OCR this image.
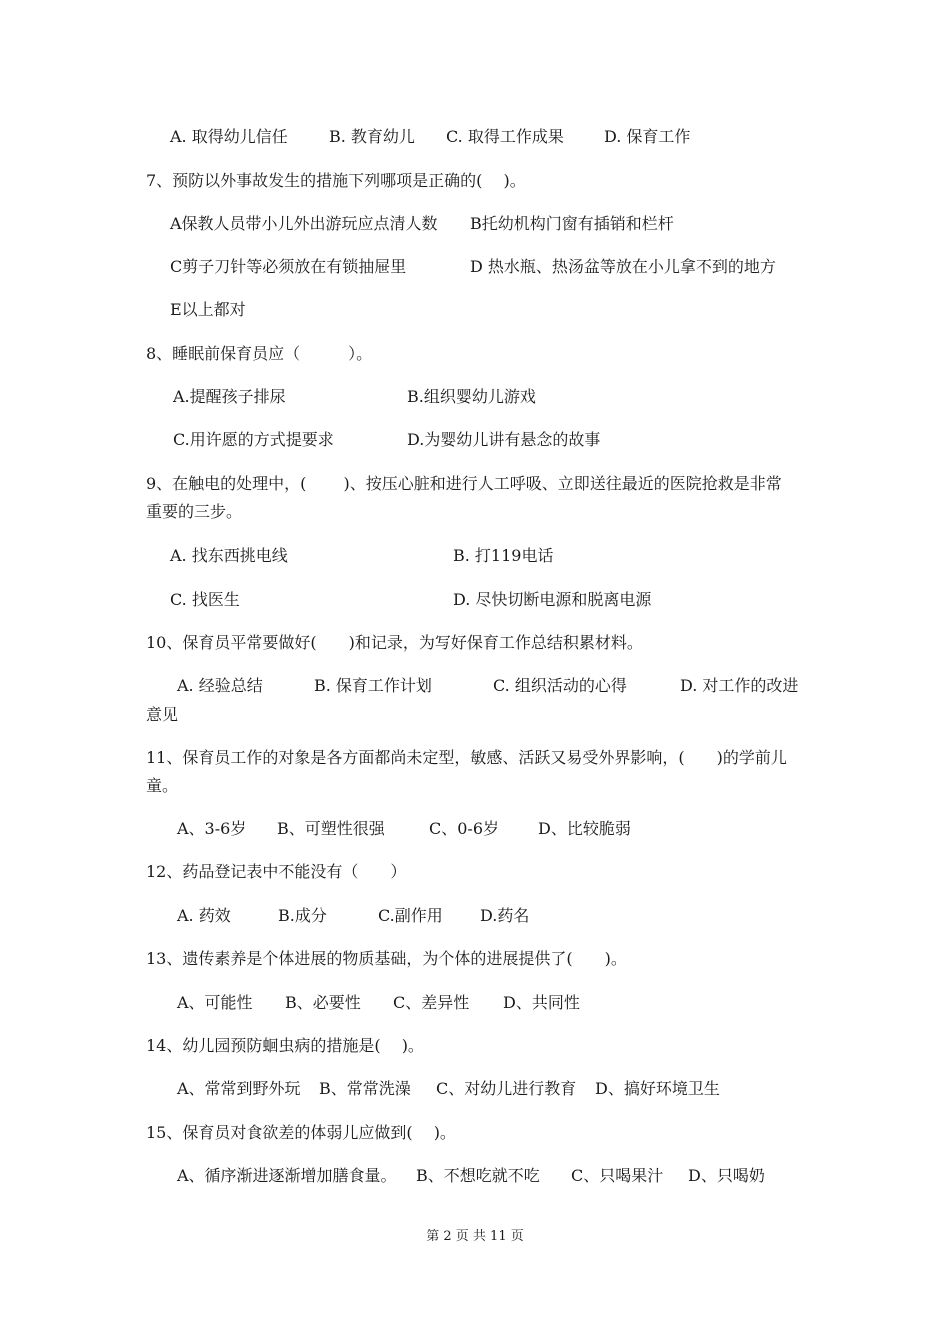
A. 取得幼儿信任	B. 教育幼儿 C. 取得工作成果	D. 保育工作
7、预防以外事故发生的措施下列哪项是正确的(　 )。
A保教人员带小儿外出游玩应点清人数 B托幼机构门窗有插销和栏杆
C剪子刀针等必须放在有锁抽屉里	D 热水瓶、热汤盆等放在小儿拿不到的地方
E以上都对
8、睡眠前保育员应（　　　）。
A.提醒孩子排尿	B.组织婴幼儿游戏
C.用许愿的方式提要求	D.为婴幼儿讲有悬念的故事
9、在触电的处理中，(　　 )、按压心脏和进行人工呼吸、立即送往最近的医院抢救是非常
重要的三步。
A. 找东西挑电线	B. 打119电话
C. 找医生	D. 尽快切断电源和脱离电源
10、保育员平常要做好(　　)和记录，为写好保育工作总结积累材料。
A. 经验总结	B. 保育工作计划	C. 组织活动的心得	D. 对工作的改进
意见
11、保育员工作的对象是各方面都尚未定型，敏感、活跃又易受外界影响，(　　)的学前儿
童。
A、3-6岁 B、可塑性很强	C、0-6岁 D、比较脆弱
12、药品登记表中不能没有（　　）
A. 药效	B.成分	C.副作用 D.药名
13、遗传素养是个体进展的物质基础，为个体的进展提供了(　　)。
A、可能性 B、必要性 C、差异性 D、共同性
14、幼儿园预防蛔虫病的措施是(　 )。
A、常常到野外玩 B、常常洗澡 C、对幼儿进行教育 D、搞好环境卫生
15、保育员对食欲差的体弱儿应做到(　 )。
A、循序渐进逐渐增加膳食量。 B、不想吃就不吃 C、只喝果汁 D、只喝奶
第 2 页 共 11 页
